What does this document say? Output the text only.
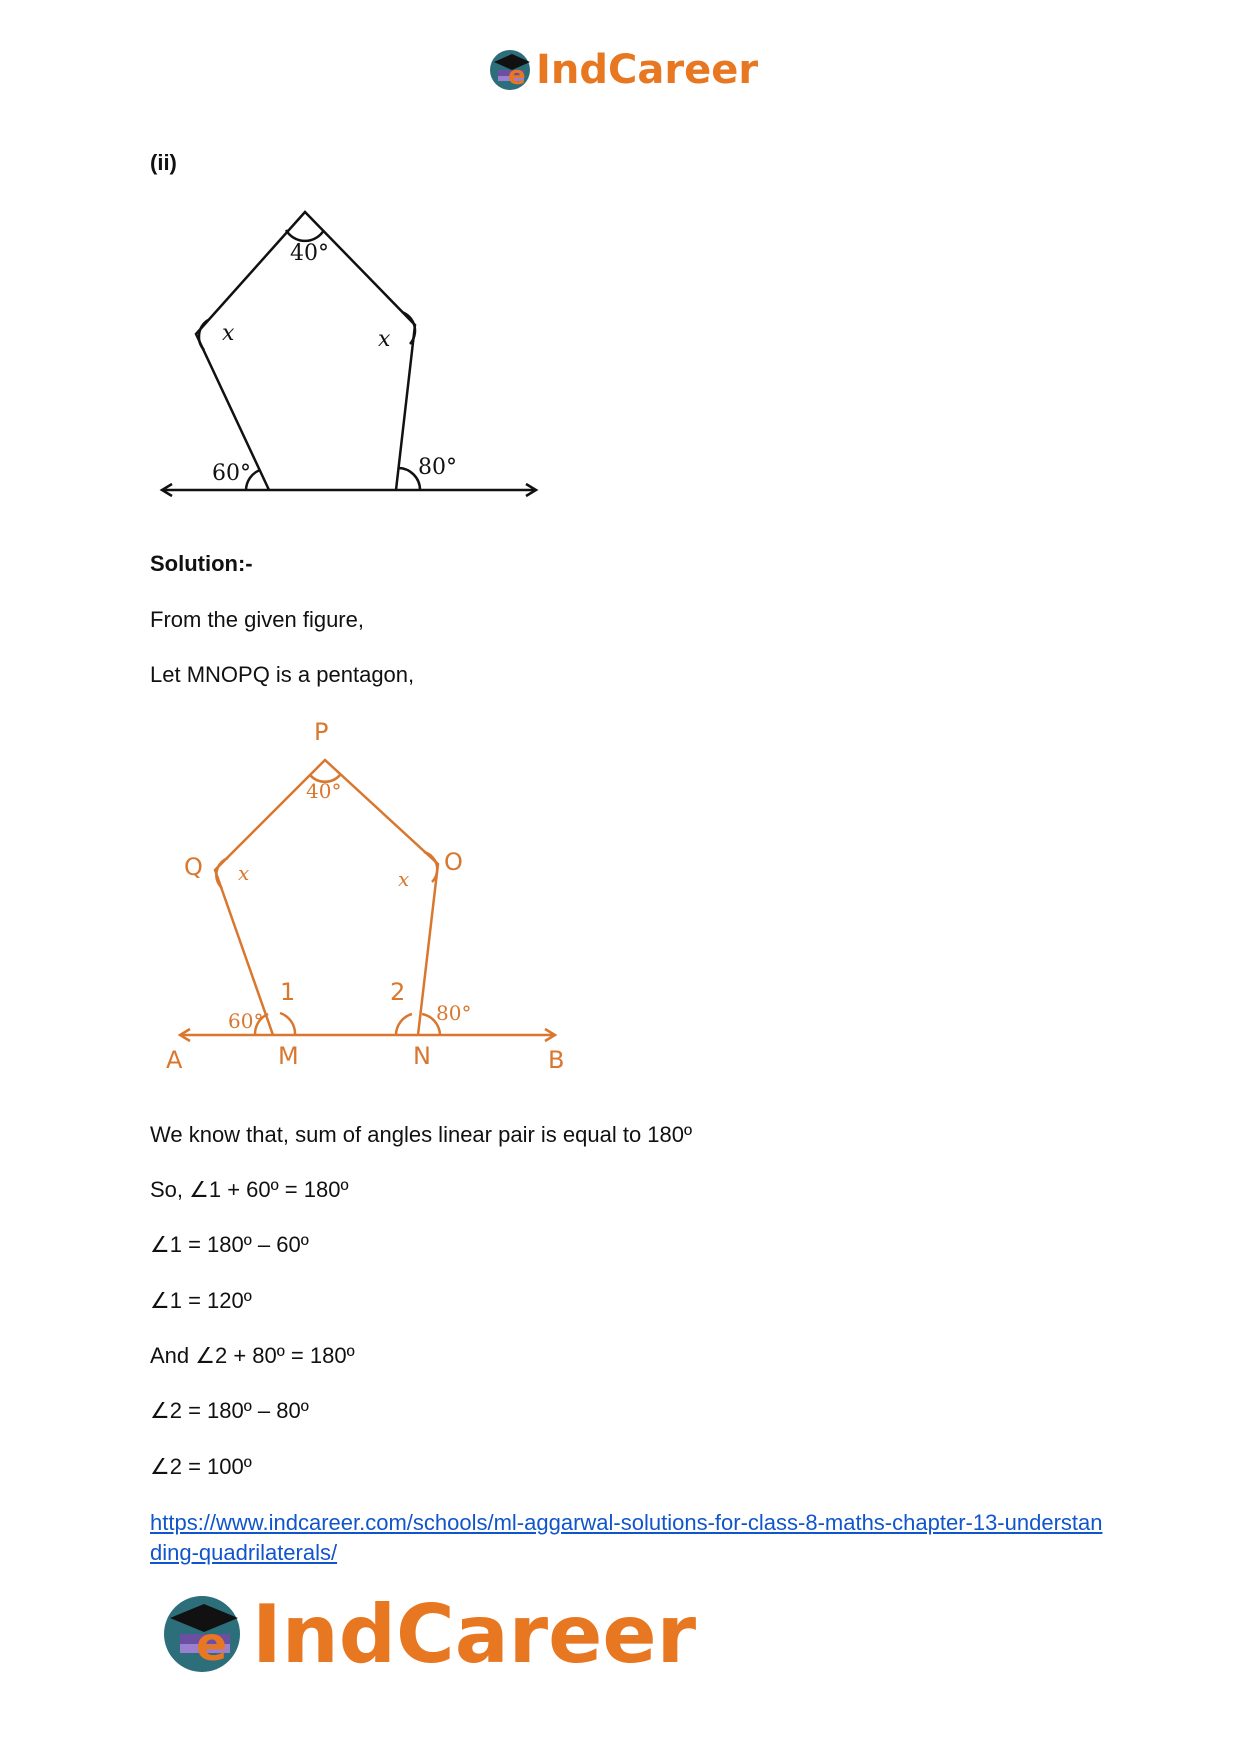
e IndCareer
(ii)
40°
x	x
60°	80°
Solution:-
From the given figure,
Let MNOPQ is a pentagon,
P
40°
Q x	O
x
1	2
60°	80°
A	M	N	B
We know that, sum of angles linear pair is equal to 180º
So, ∠1 + 60º = 180º
∠1 = 180º – 60º
∠1 = 120º
And ∠2 + 80º = 180º
∠2 = 180º – 80º
∠2 = 100º
https://www.indcareer.com/schools/ml-aggarwal-solutions-for-class-8-maths-chapter-13-understanding-quadrilaterals/
e IndCareer
